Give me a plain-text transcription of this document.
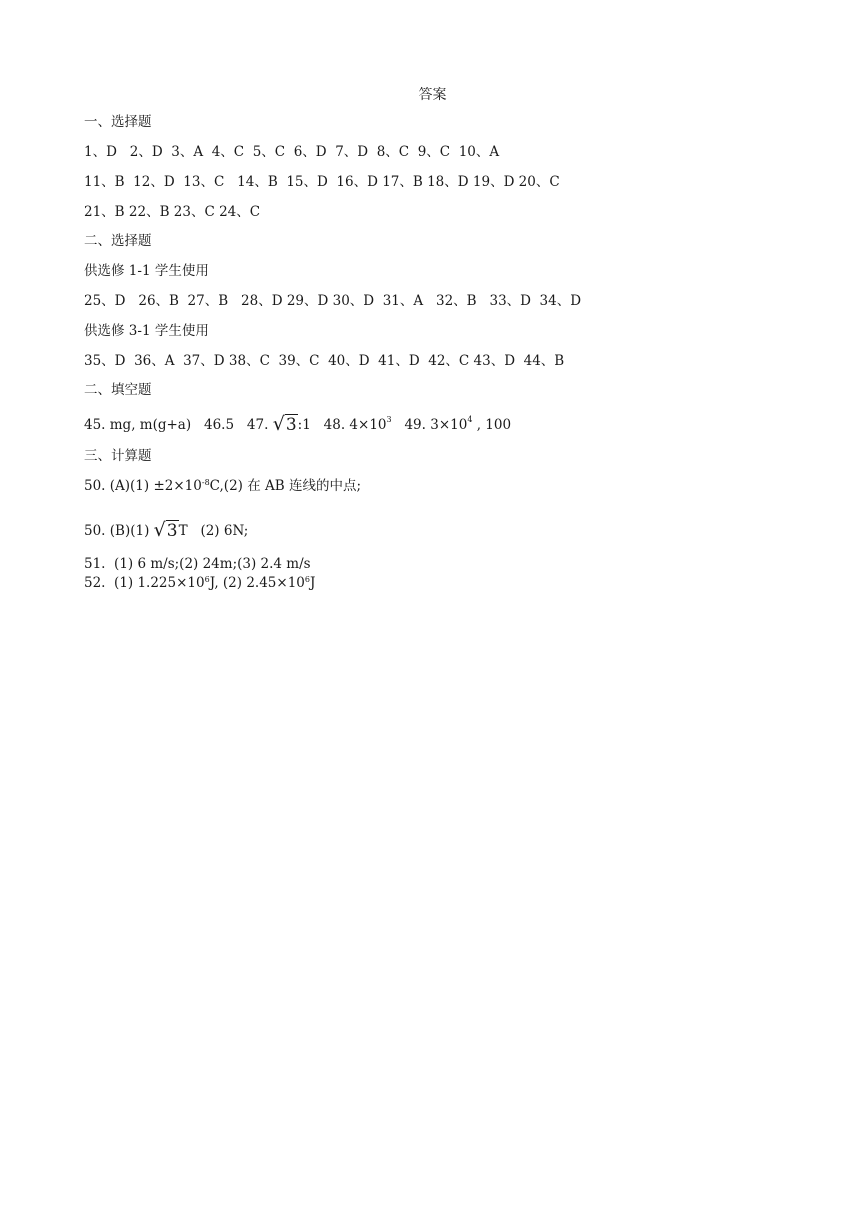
答案
一、选择题
1、D   2、D  3、A  4、C  5、C  6、D  7、D  8、C  9、C  10、A
11、B  12、D  13、C   14、B  15、D  16、D 17、B 18、D 19、D 20、C
21、B 22、B 23、C 24、C
二、选择题
供选修 1-1 学生使用
25、D   26、B  27、B   28、D 29、D 30、D  31、A   32、B   33、D  34、D
供选修 3-1 学生使用
35、D  36、A  37、D 38、C  39、C  40、D  41、D  42、C 43、D  44、B
二、填空题
45. mg, m(g+a)   46.5   47. √3:1   48. $4\times 10^3$   49. $3\times 10^4$ , 100
三、计算题
50. $(A)(1) \pm 2\times 10^{-8}C,(2)$ 在 AB 连线的中点;
50. (B)(1) √3T   (2) 6N;
51.  (1) 6 m/s;(2) 24m;(3) 2.4 m/s
52.  (1) $1.225\times 10^6J$, (2) $2.45\times 10^6J$
